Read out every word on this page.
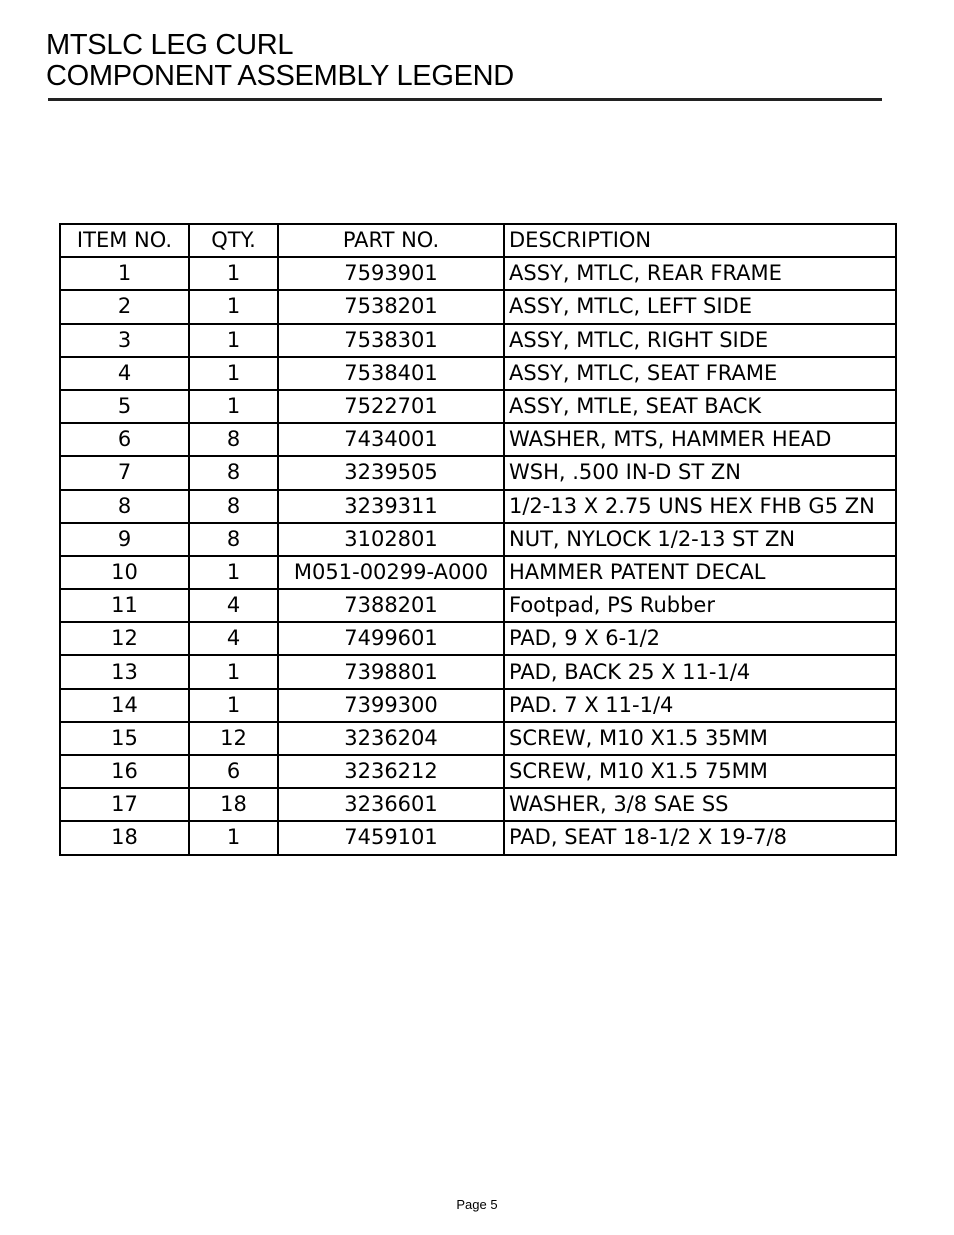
MTSLC LEG CURL
COMPONENT ASSEMBLY LEGEND
ITEM NO.	QTY.	PART NO.	DESCRIPTION
1	1	7593901	ASSY, MTLC, REAR FRAME
2	1	7538201	ASSY, MTLC, LEFT SIDE
3	1	7538301	ASSY, MTLC, RIGHT SIDE
4	1	7538401	ASSY, MTLC, SEAT FRAME
5	1	7522701	ASSY, MTLE, SEAT BACK
6	8	7434001	WASHER, MTS, HAMMER HEAD
7	8	3239505	WSH, .500 IN-D ST ZN
8	8	3239311	1/2-13 X 2.75 UNS HEX FHB G5 ZN
9	8	3102801	NUT, NYLOCK 1/2-13 ST ZN
10	1	M051-00299-A000	HAMMER PATENT DECAL
11	4	7388201	Footpad, PS Rubber
12	4	7499601	PAD, 9 X 6-1/2
13	1	7398801	PAD, BACK 25 X 11-1/4
14	1	7399300	PAD. 7 X 11-1/4
15	12	3236204	SCREW, M10 X1.5 35MM
16	6	3236212	SCREW, M10 X1.5 75MM
17	18	3236601	WASHER, 3/8 SAE SS
18	1	7459101	PAD, SEAT 18-1/2 X 19-7/8
Page 5
